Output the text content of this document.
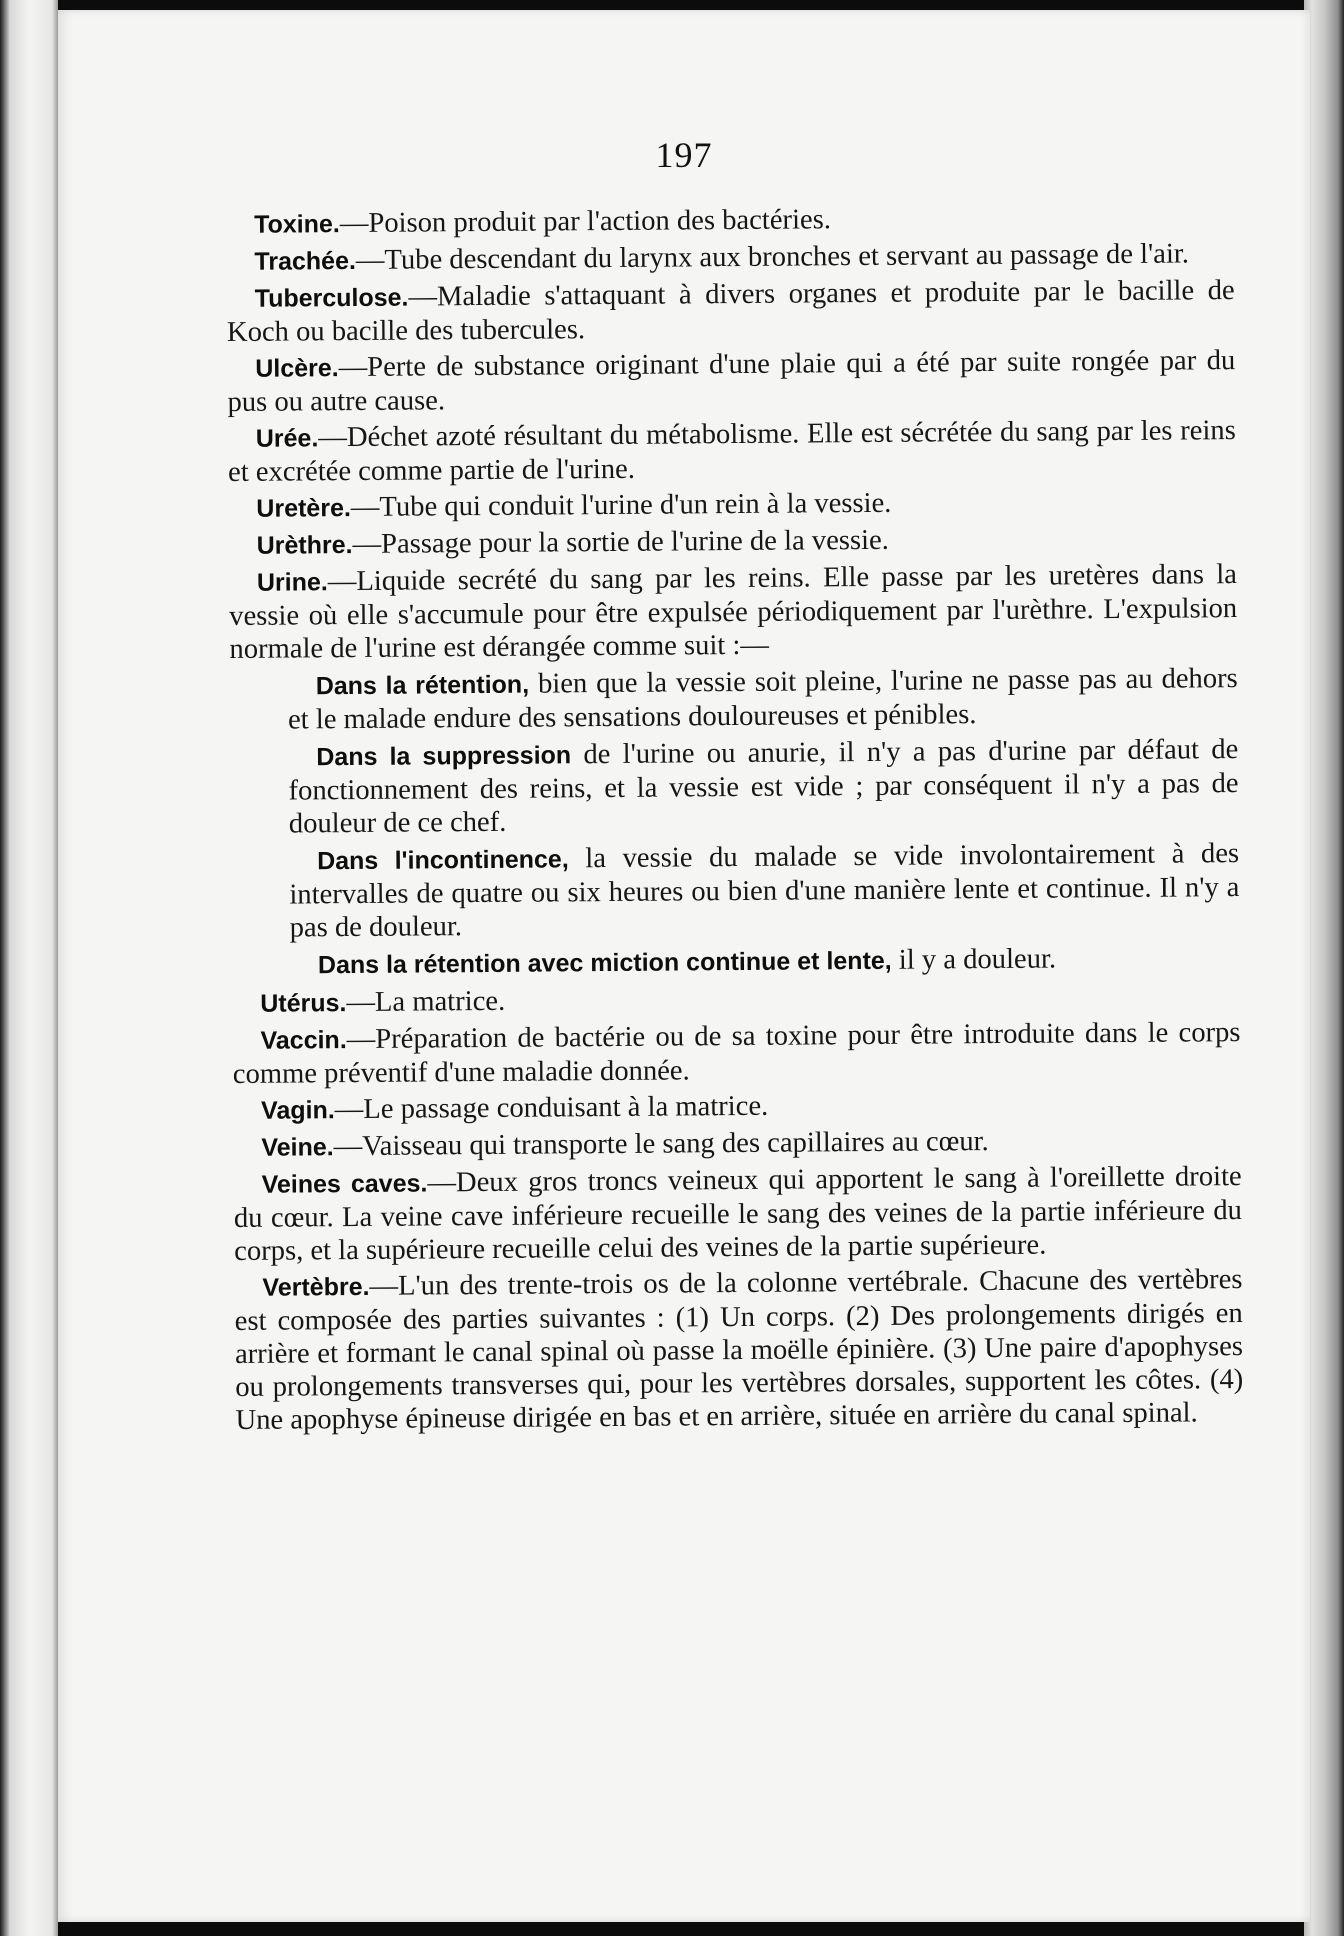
197

Toxine.—Poison produit par l'action des bactéries.

Trachée.—Tube descendant du larynx aux bronches et servant au passage de l'air.

Tuberculose.—Maladie s'attaquant à divers organes et produite par le bacille de Koch ou bacille des tubercules.

Ulcère.—Perte de substance originant d'une plaie qui a été par suite rongée par du pus ou autre cause.

Urée.—Déchet azoté résultant du métabolisme. Elle est sécrétée du sang par les reins et excrétée comme partie de l'urine.

Uretère.—Tube qui conduit l'urine d'un rein à la vessie.

Urèthre.—Passage pour la sortie de l'urine de la vessie.

Urine.—Liquide secrété du sang par les reins. Elle passe par les uretères dans la vessie où elle s'accumule pour être expulsée périodiquement par l'urèthre. L'expulsion normale de l'urine est dérangée comme suit :—

Dans la rétention, bien que la vessie soit pleine, l'urine ne passe pas au dehors et le malade endure des sensations douloureuses et pénibles.

Dans la suppression de l'urine ou anurie, il n'y a pas d'urine par défaut de fonctionnement des reins, et la vessie est vide ; par conséquent il n'y a pas de douleur de ce chef.

Dans l'incontinence, la vessie du malade se vide involontairement à des intervalles de quatre ou six heures ou bien d'une manière lente et continue. Il n'y a pas de douleur.

Dans la rétention avec miction continue et lente, il y a douleur.

Utérus.—La matrice.

Vaccin.—Préparation de bactérie ou de sa toxine pour être introduite dans le corps comme préventif d'une maladie donnée.

Vagin.—Le passage conduisant à la matrice.

Veine.—Vaisseau qui transporte le sang des capillaires au cœur.

Veines caves.—Deux gros troncs veineux qui apportent le sang à l'oreillette droite du cœur. La veine cave inférieure recueille le sang des veines de la partie inférieure du corps, et la supérieure recueille celui des veines de la partie supérieure.

Vertèbre.—L'un des trente-trois os de la colonne vertébrale. Chacune des vertèbres est composée des parties suivantes : (1) Un corps. (2) Des prolongements dirigés en arrière et formant le canal spinal où passe la moëlle épinière. (3) Une paire d'apophyses ou prolongements transverses qui, pour les vertèbres dorsales, supportent les côtes. (4) Une apophyse épineuse dirigée en bas et en arrière, située en arrière du canal spinal.
